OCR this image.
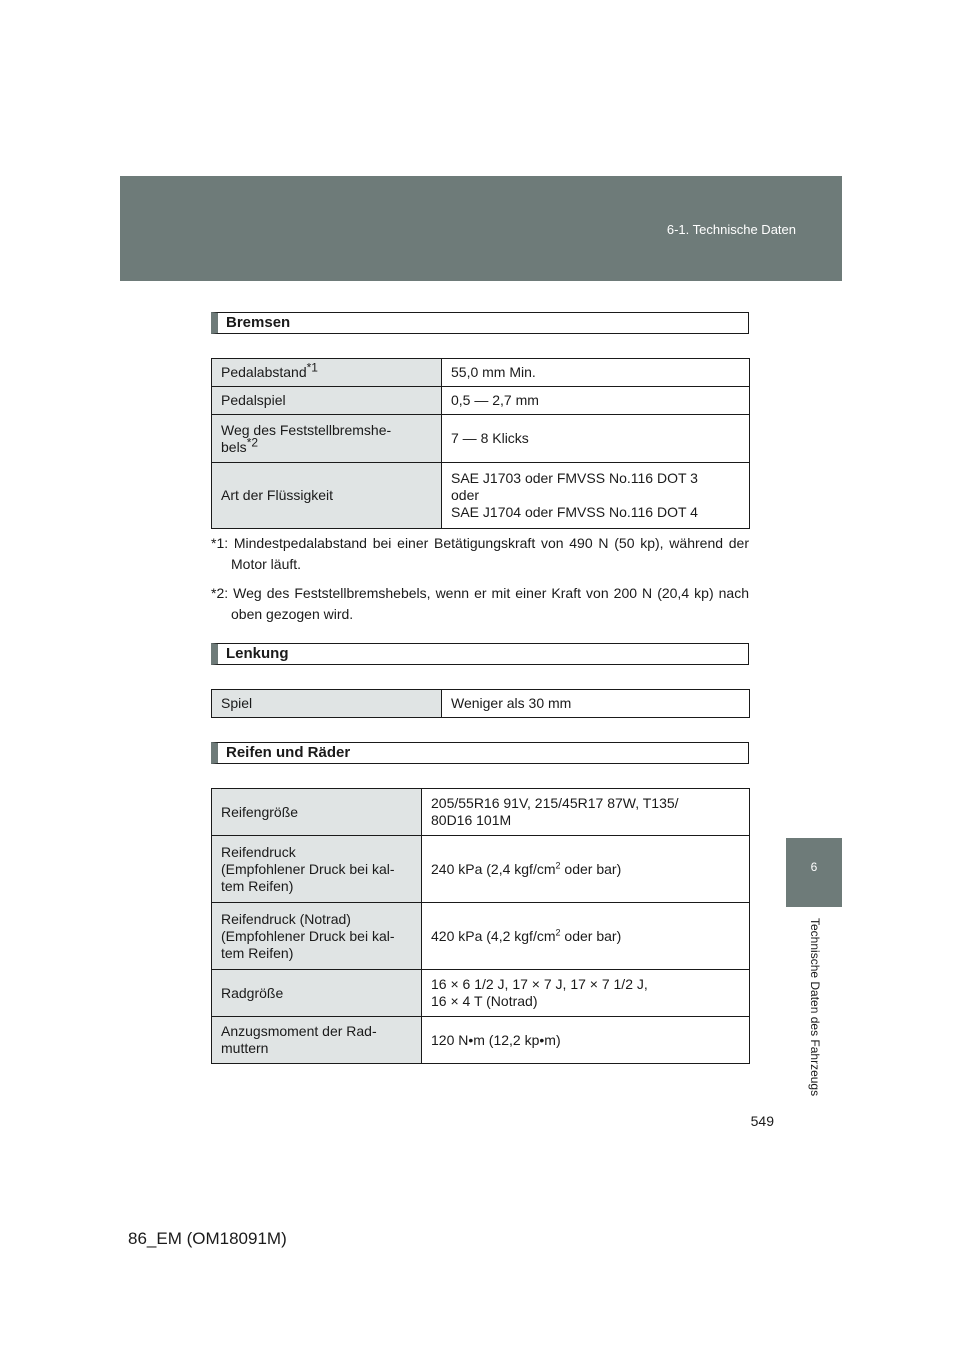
6-1. Technische Daten
6
Technische Daten des Fahrzeugs
Bremsen
Pedalabstand$^{*1}$	55,0 mm Min.
Pedalspiel	0,5 — 2,7 mm
Weg des Feststellbremshe-
bels$^{*2}$	7 — 8 Klicks
Art der Flüssigkeit	SAE J1703 oder FMVSS No.116 DOT 3
oder
SAE J1704 oder FMVSS No.116 DOT 4
*1: Mindestpedalabstand bei einer Betätigungskraft von 490 N (50 kp), während der Motor läuft.
*2: Weg des Feststellbremshebels, wenn er mit einer Kraft von 200 N (20,4 kp) nach oben gezogen wird.
Lenkung
Spiel	Weniger als 30 mm
Reifen und Räder
Reifengröße	205/55R16 91V, 215/45R17 87W, T135/
80D16 101M

Reifendruck
(Empfohlener Druck bei kal-
tem Reifen)	240 kPa (2,4 kgf/$cm^2$ oder bar)
Reifendruck (Notrad)
(Empfohlener Druck bei kal-
tem Reifen)	420 kPa (4,2 kgf/$cm^2$ oder bar)
Radgröße	16 × 6 1/2 J, 17 × 7 J, 17 × 7 1/2 J,
16 × 4 T (Notrad)

Anzugsmoment der Rad-
muttern	120 N•m (12,2 kp•m)
549
86_EM (OM18091M)
